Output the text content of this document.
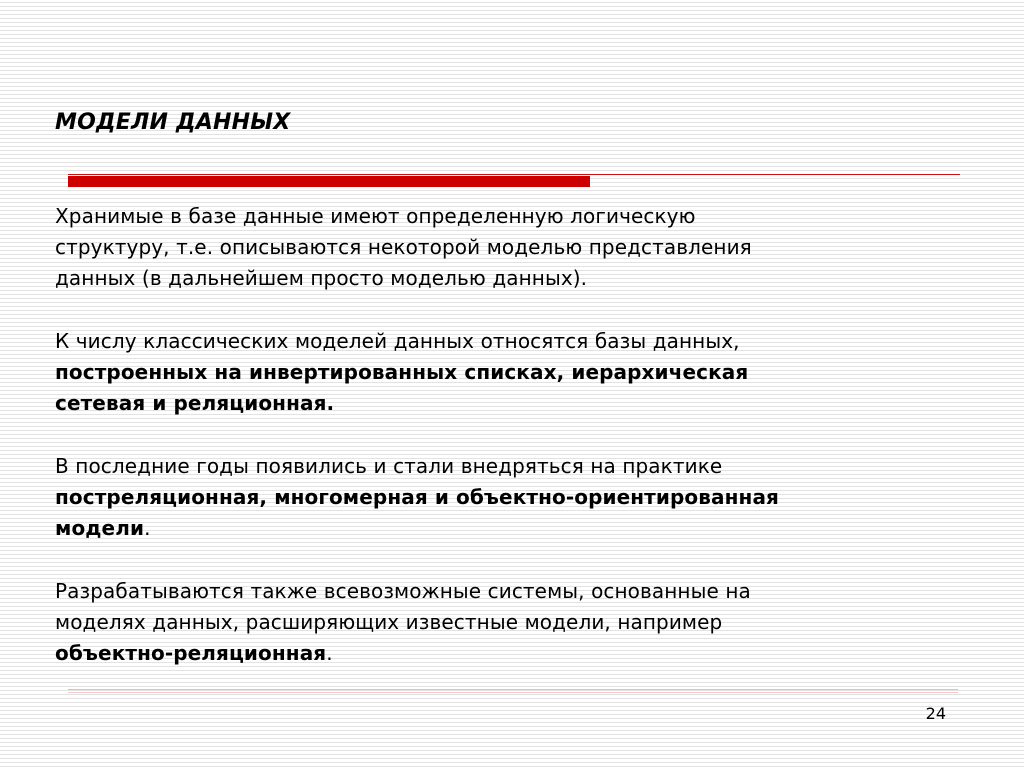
МОДЕЛИ ДАННЫХ

Хранимые в базе данные имеют определенную логическую
структуру, т.е. описываются некоторой моделью представления
данных (в дальнейшем просто моделью данных).

К числу классических моделей данных относятся базы данных,
построенных на инвертированных списках, иерархическая
сетевая и реляционная.

В последние годы появились и стали внедряться на практике
постреляционная, многомерная и объектно-ориентированная
модели.

Разрабатываются также всевозможные системы, основанные на
моделях данных, расширяющих известные модели, например
объектно-реляционная.

24
